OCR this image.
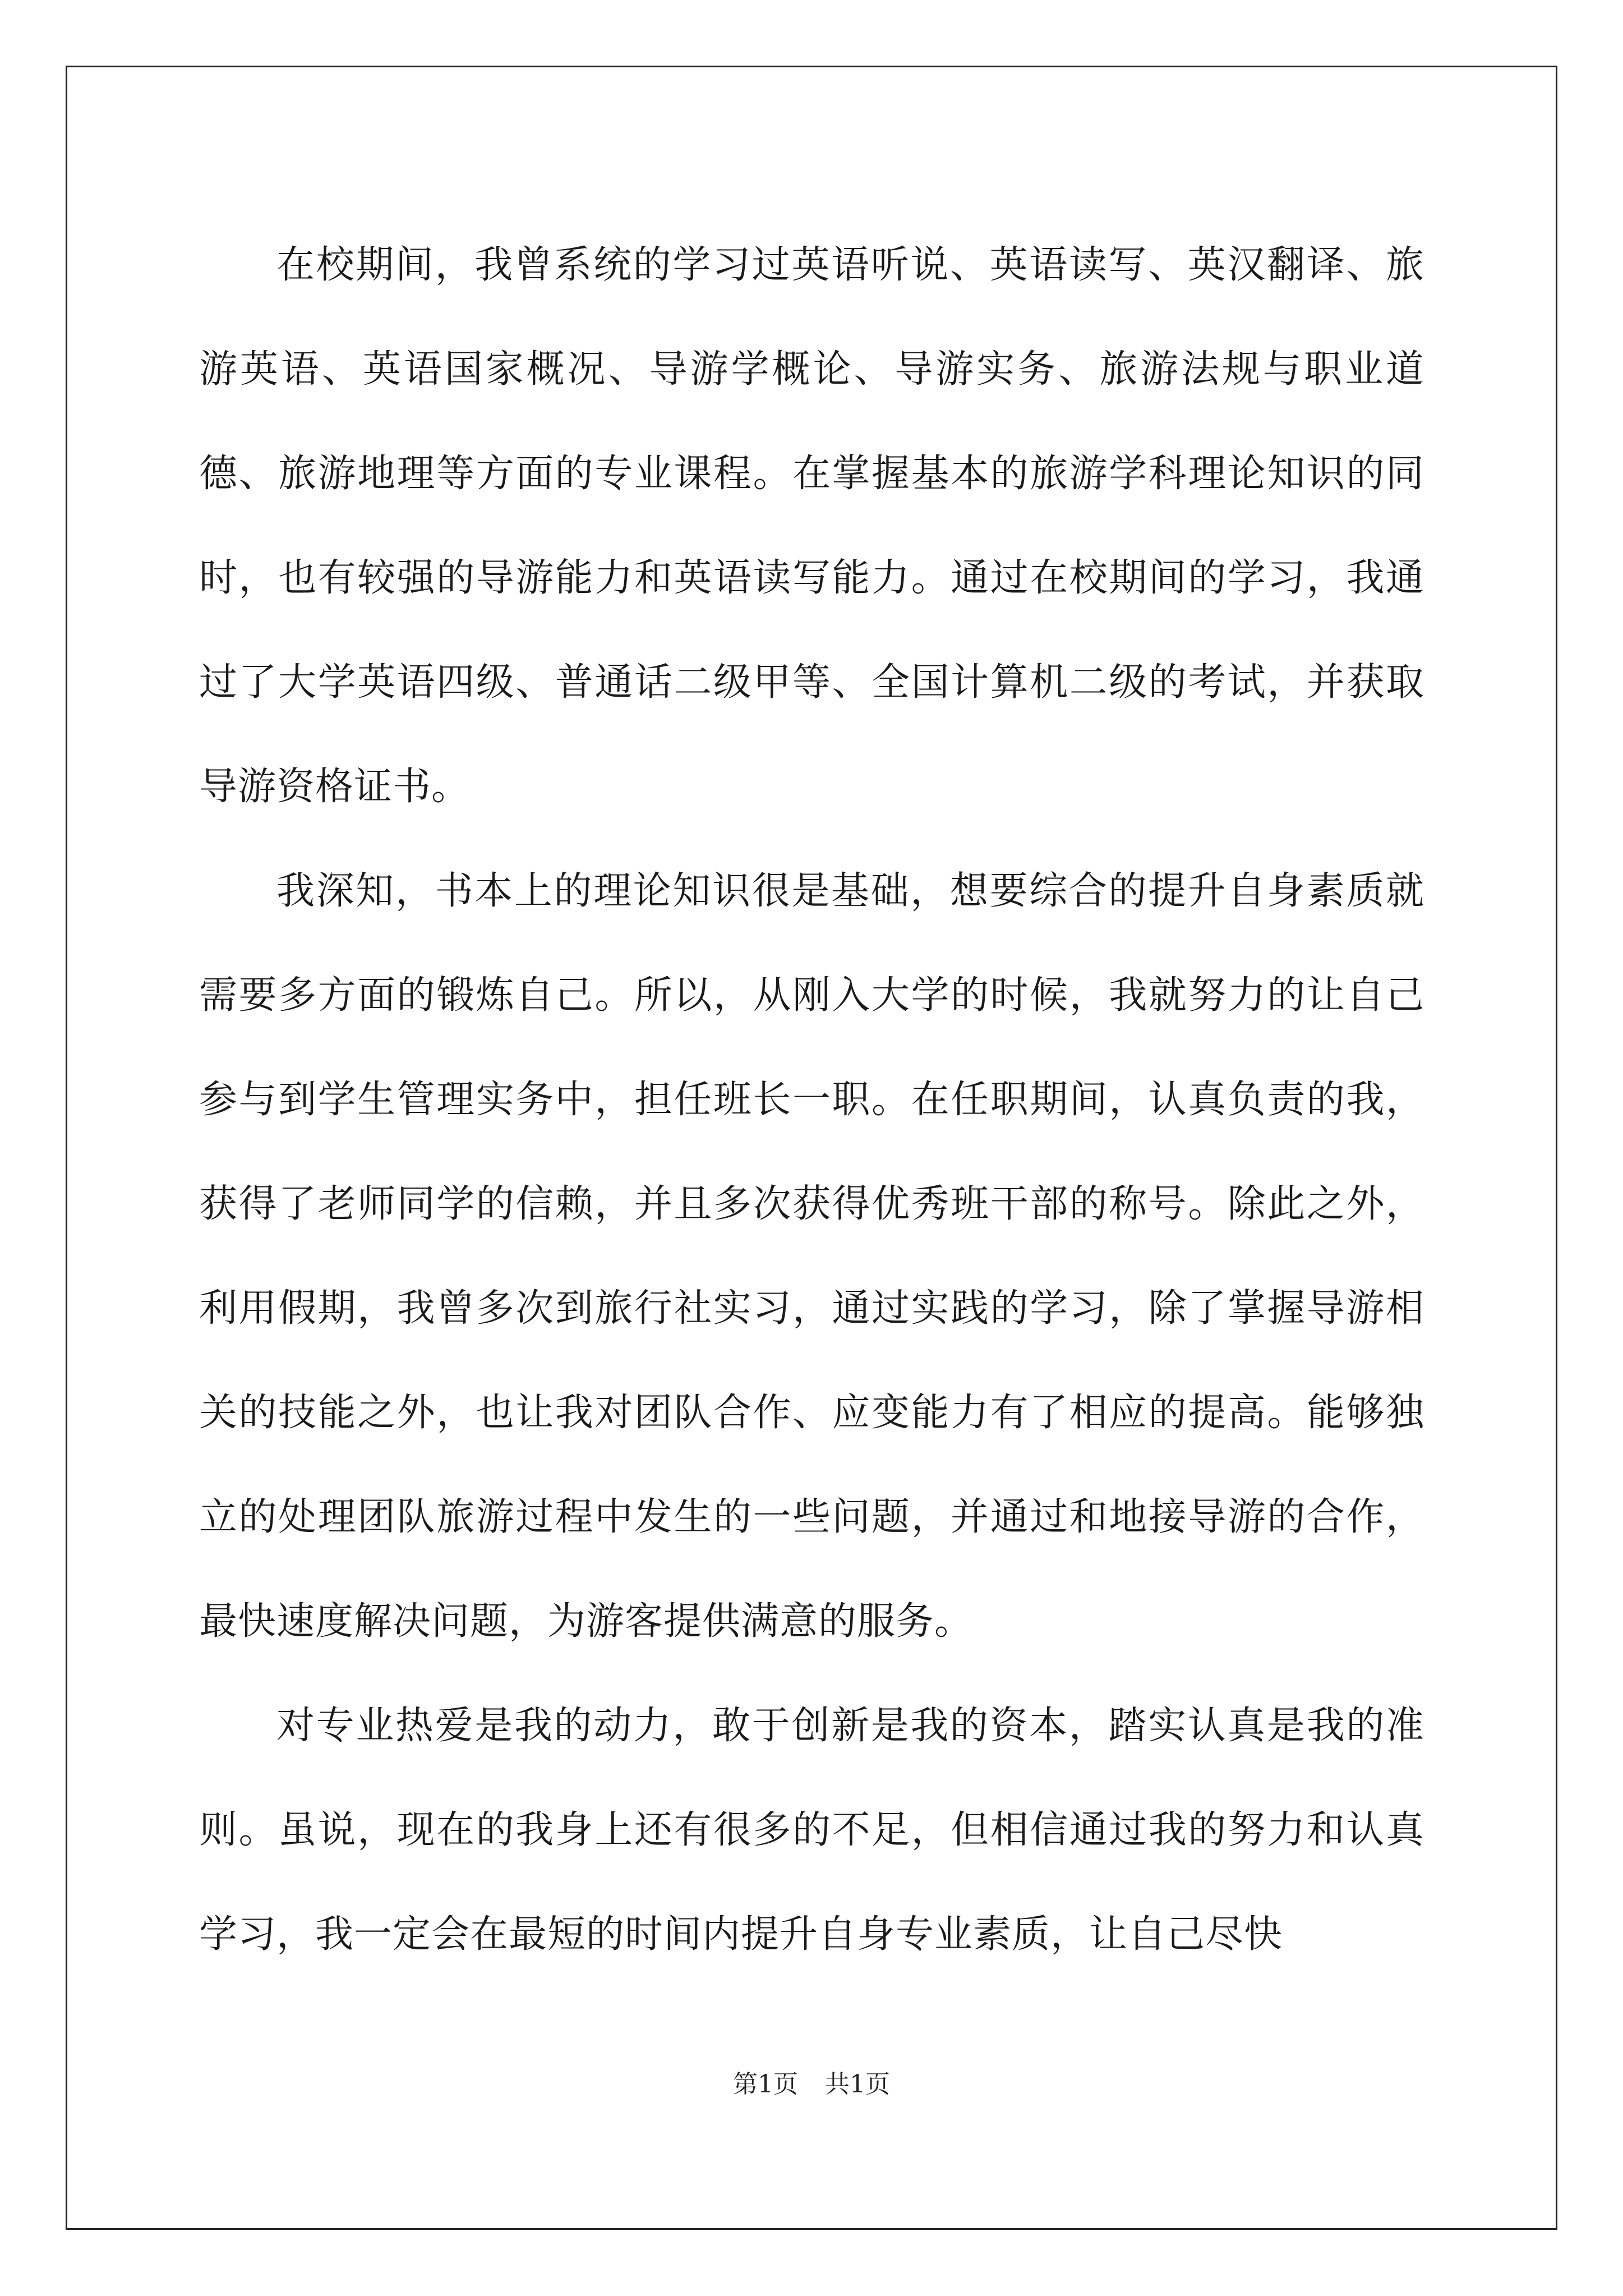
在校期间，我曾系统的学习过英语听说、英语读写、英汉翻译、旅游英语、英语国家概况、导游学概论、导游实务、旅游法规与职业道德、旅游地理等方面的专业课程。在掌握基本的旅游学科理论知识的同时，也有较强的导游能力和英语读写能力。通过在校期间的学习，我通过了大学英语四级、普通话二级甲等、全国计算机二级的考试，并获取导游资格证书。

我深知，书本上的理论知识很是基础，想要综合的提升自身素质就需要多方面的锻炼自己。所以，从刚入大学的时候，我就努力的让自己参与到学生管理实务中，担任班长一职。在任职期间，认真负责的我，获得了老师同学的信赖，并且多次获得优秀班干部的称号。除此之外，利用假期，我曾多次到旅行社实习，通过实践的学习，除了掌握导游相关的技能之外，也让我对团队合作、应变能力有了相应的提高。能够独立的处理团队旅游过程中发生的一些问题，并通过和地接导游的合作，最快速度解决问题，为游客提供满意的服务。

对专业热爱是我的动力，敢于创新是我的资本，踏实认真是我的准则。虽说，现在的我身上还有很多的不足，但相信通过我的努力和认真学习，我一定会在最短的时间内提升自身专业素质，让自己尽快

第1页 共1页
